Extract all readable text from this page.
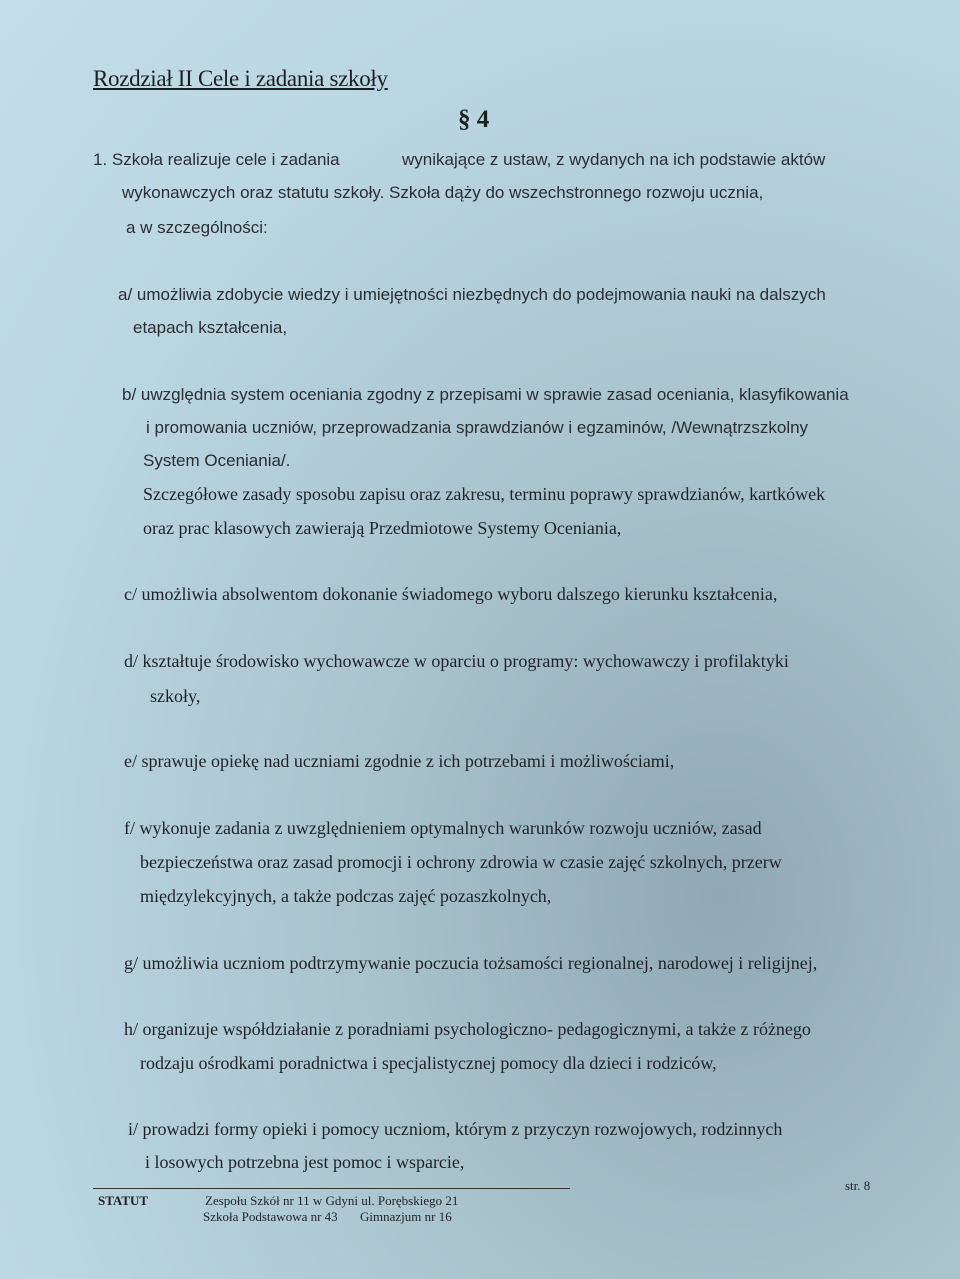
Rozdział II Cele i zadania szkoły
§ 4
1. Szkoła realizuje cele i zadania	wynikające z ustaw, z wydanych na ich podstawie aktów
wykonawczych oraz statutu szkoły. Szkoła dąży do wszechstronnego rozwoju ucznia,
a w szczególności:
a/ umożliwia zdobycie wiedzy i umiejętności niezbędnych do podejmowania nauki na dalszych
etapach kształcenia,
b/ uwzględnia system oceniania zgodny z przepisami w sprawie zasad oceniania, klasyfikowania
i promowania uczniów, przeprowadzania sprawdzianów i egzaminów, /Wewnątrzszkolny
System Oceniania/.
Szczegółowe zasady sposobu zapisu oraz zakresu, terminu poprawy sprawdzianów, kartkówek
oraz prac klasowych zawierają Przedmiotowe Systemy Oceniania,
c/ umożliwia absolwentom dokonanie świadomego wyboru dalszego kierunku kształcenia,
d/ kształtuje środowisko wychowawcze w oparciu o programy: wychowawczy i profilaktyki
szkoły,
e/ sprawuje opiekę nad uczniami zgodnie z ich potrzebami i możliwościami,
f/ wykonuje zadania z uwzględnieniem optymalnych warunków rozwoju uczniów, zasad
bezpieczeństwa oraz zasad promocji i ochrony zdrowia w czasie zajęć szkolnych, przerw
międzylekcyjnych, a także podczas zajęć pozaszkolnych,
g/ umożliwia uczniom podtrzymywanie poczucia tożsamości regionalnej, narodowej i religijnej,
h/ organizuje współdziałanie z poradniami psychologiczno- pedagogicznymi, a także z różnego
rodzaju ośrodkami poradnictwa i specjalistycznej pomocy dla dzieci i rodziców,
i/ prowadzi formy opieki i pomocy uczniom, którym z przyczyn rozwojowych, rodzinnych
i losowych potrzebna jest pomoc i wsparcie,
str. 8
STATUT	Zespołu Szkół nr 11 w Gdyni ul. Porębskiego 21
Szkoła Podstawowa nr 43 Gimnazjum nr 16
